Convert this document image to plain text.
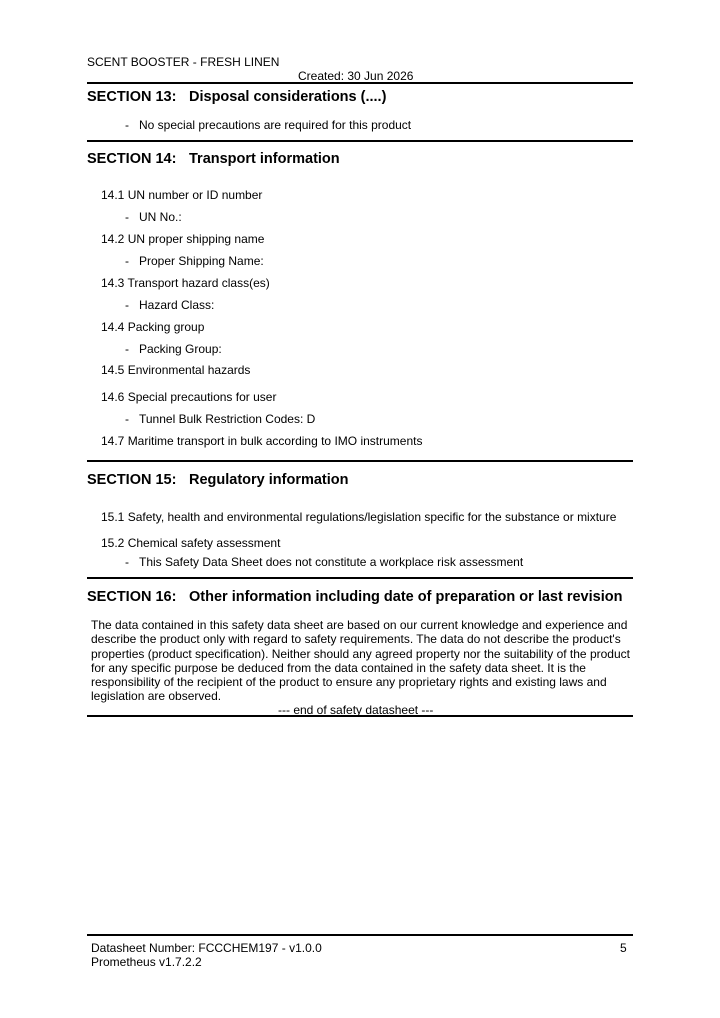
SCENT BOOSTER - FRESH LINEN
Created: 30 Jun 2026
SECTION 13: Disposal considerations (....)
- No special precautions are required for this product
SECTION 14: Transport information
14.1 UN number or ID number
- UN No.:
14.2 UN proper shipping name
- Proper Shipping Name:
14.3 Transport hazard class(es)
- Hazard Class:
14.4 Packing group
- Packing Group:
14.5 Environmental hazards
14.6 Special precautions for user
- Tunnel Bulk Restriction Codes: D
14.7 Maritime transport in bulk according to IMO instruments
SECTION 15: Regulatory information
15.1 Safety, health and environmental regulations/legislation specific for the substance or mixture
15.2 Chemical safety assessment
- This Safety Data Sheet does not constitute a workplace risk assessment
SECTION 16: Other information including date of preparation or last revision
The data contained in this safety data sheet are based on our current knowledge and experience and describe the product only with regard to safety requirements. The data do not describe the product's properties (product specification). Neither should any agreed property nor the suitability of the product for any specific purpose be deduced from the data contained in the safety data sheet. It is the responsibility of the recipient of the product to ensure any proprietary rights and existing laws and legislation are observed.
--- end of safety datasheet ---
Datasheet Number: FCCCHEM197 - v1.0.0
Prometheus v1.7.2.2
5
